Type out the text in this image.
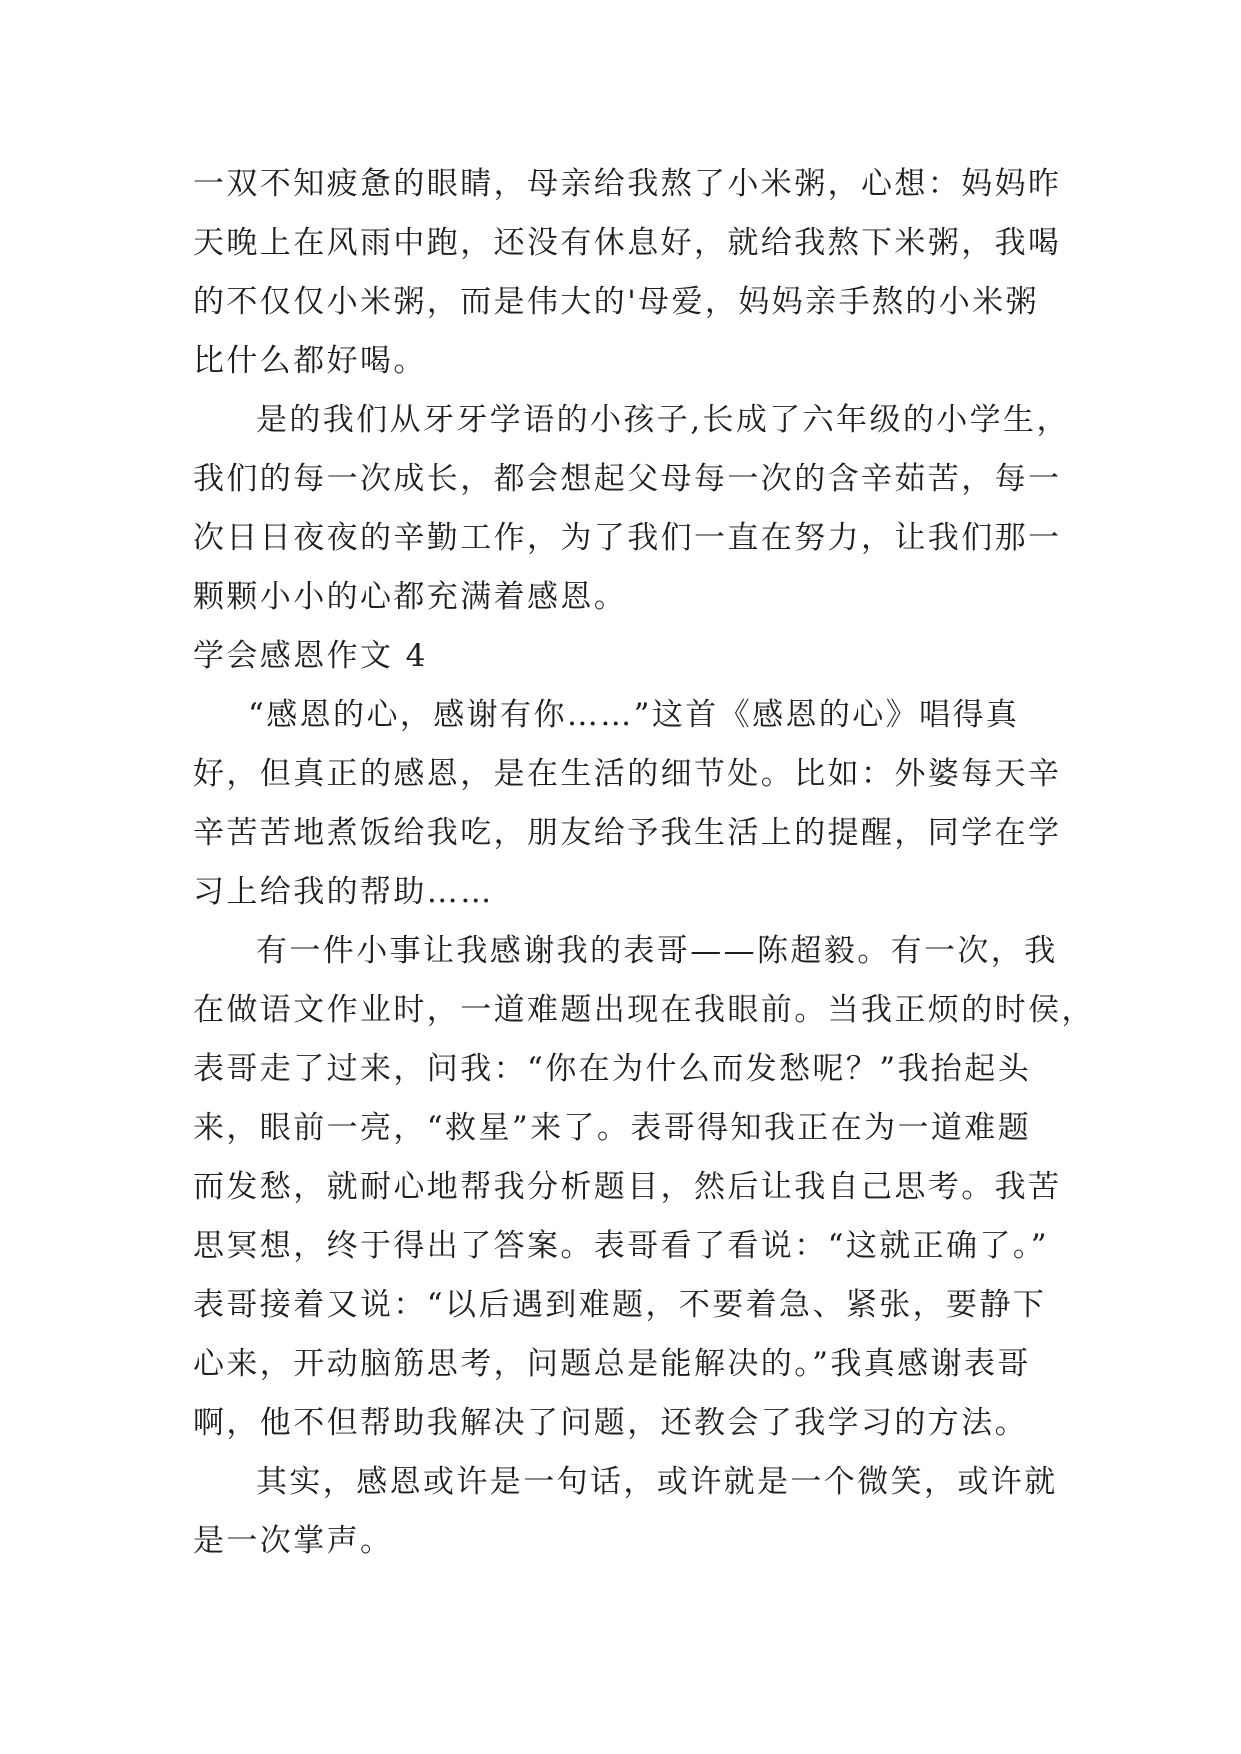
一双不知疲惫的眼睛，母亲给我熬了小米粥，心想：妈妈昨
天晚上在风雨中跑，还没有休息好，就给我熬下米粥，我喝
的不仅仅小米粥，而是伟大的'母爱，妈妈亲手熬的小米粥
比什么都好喝。
是的我们从牙牙学语的小孩子,长成了六年级的小学生，
我们的每一次成长，都会想起父母每一次的含辛茹苦，每一
次日日夜夜的辛勤工作，为了我们一直在努力，让我们那一
颗颗小小的心都充满着感恩。
学会感恩作文 4
“感恩的心，感谢有你……”这首《感恩的心》唱得真
好，但真正的感恩，是在生活的细节处。比如：外婆每天辛
辛苦苦地煮饭给我吃，朋友给予我生活上的提醒，同学在学
习上给我的帮助……
有一件小事让我感谢我的表哥——陈超毅。有一次，我
在做语文作业时，一道难题出现在我眼前。当我正烦的时侯，
表哥走了过来，问我：“你在为什么而发愁呢？”我抬起头
来，眼前一亮，“救星”来了。表哥得知我正在为一道难题
而发愁，就耐心地帮我分析题目，然后让我自己思考。我苦
思冥想，终于得出了答案。表哥看了看说：“这就正确了。”
表哥接着又说：“以后遇到难题，不要着急、紧张，要静下
心来，开动脑筋思考，问题总是能解决的。”我真感谢表哥
啊，他不但帮助我解决了问题，还教会了我学习的方法。
其实，感恩或许是一句话，或许就是一个微笑，或许就
是一次掌声。
